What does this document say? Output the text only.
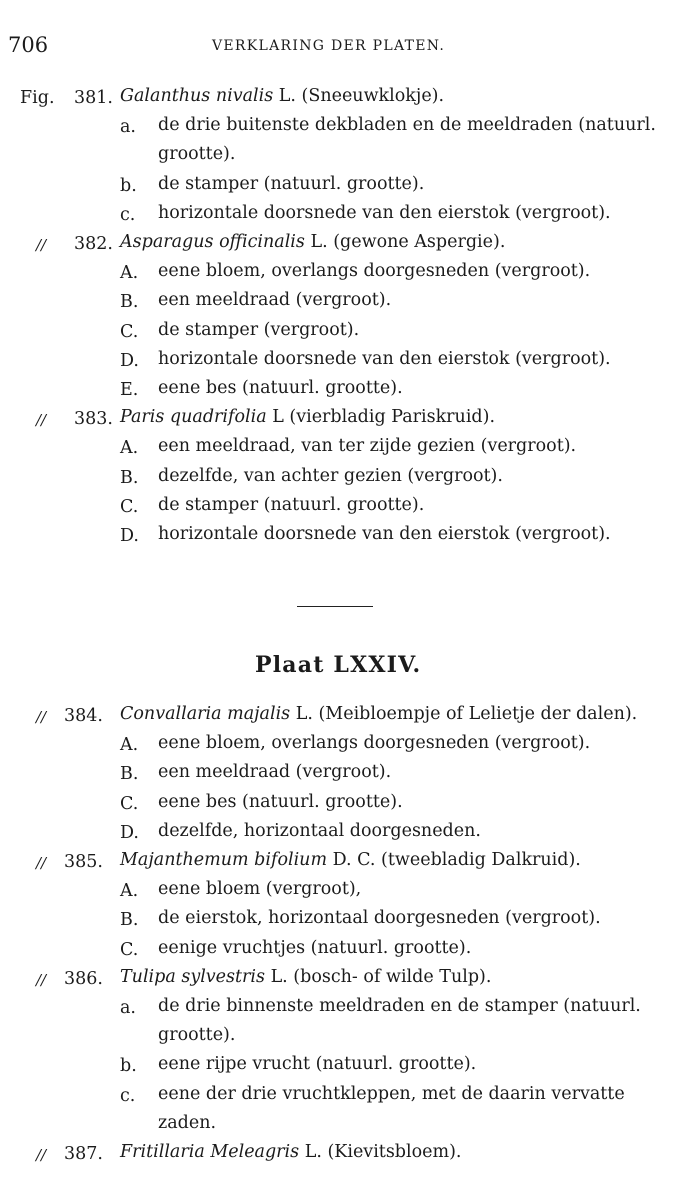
706	VERKLARING DER PLATEN.
Fig. 381. Galanthus nivalis L. (Sneeuwklokje).
a. de drie buitenste dekbladen en de meeldraden (natuurl.
grootte).
b. de stamper (natuurl. grootte).
c. horizontale doorsnede van den eierstok (vergroot).
// 382. Asparagus officinalis L. (gewone Aspergie).
A. eene bloem, overlangs doorgesneden (vergroot).
B. een meeldraad (vergroot).
C. de stamper (vergroot).
D. horizontale doorsnede van den eierstok (vergroot).
E. eene bes (natuurl. grootte).
// 383. Paris quadrifolia L (vierbladig Pariskruid).
A. een meeldraad, van ter zijde gezien (vergroot).
B. dezelfde, van achter gezien (vergroot).
C. de stamper (natuurl. grootte).
D. horizontale doorsnede van den eierstok (vergroot).
Plaat LXXIV.
// 384. Convallaria majalis L. (Meibloempje of Lelietje der dalen).
A. eene bloem, overlangs doorgesneden (vergroot).
B. een meeldraad (vergroot).
C. eene bes (natuurl. grootte).
D. dezelfde, horizontaal doorgesneden.
// 385. Majanthemum bifolium D. C. (tweebladig Dalkruid).
A. eene bloem (vergroot),
B. de eierstok, horizontaal doorgesneden (vergroot).
C. eenige vruchtjes (natuurl. grootte).
// 386. Tulipa sylvestris L. (bosch- of wilde Tulp).
a. de drie binnenste meeldraden en de stamper (natuurl.
grootte).
b. eene rijpe vrucht (natuurl. grootte).
c. eene der drie vruchtkleppen, met de daarin vervatte
zaden.
// 387. Fritillaria Meleagris L. (Kievitsbloem).
